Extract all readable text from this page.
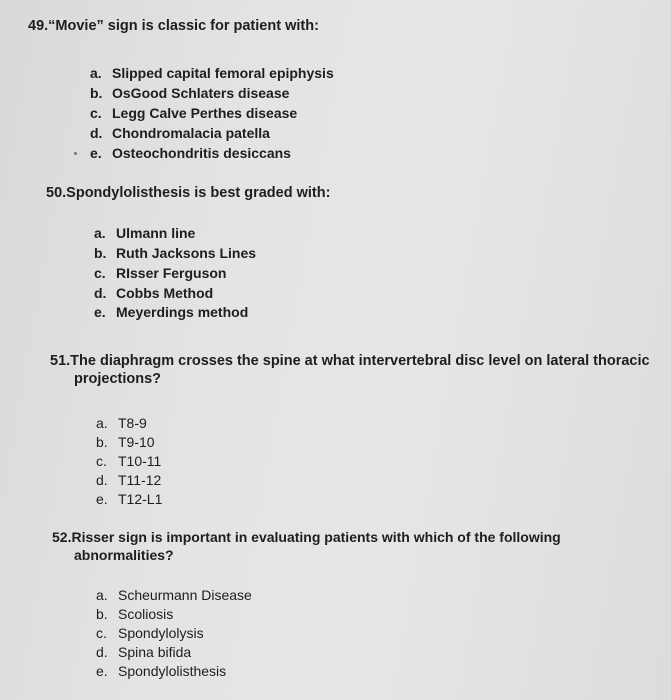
49.“Movie” sign is classic for patient with:
a. Slipped capital femoral epiphysis
b. OsGood Schlaters disease
c. Legg Calve Perthes disease
d. Chondromalacia patella
e. Osteochondritis desiccans
50.Spondylolisthesis is best graded with:
a. Ulmann line
b. Ruth Jacksons Lines
c. RIsser Ferguson
d. Cobbs Method
e. Meyerdings method
51.The diaphragm crosses the spine at what intervertebral disc level on lateral thoracic
projections?
a. T8-9
b. T9-10
c. T10-11
d. T11-12
e. T12-L1
52.Risser sign is important in evaluating patients with which of the following
abnormalities?
a. Scheurmann Disease
b. Scoliosis
c. Spondylolysis
d. Spina bifida
e. Spondylolisthesis
